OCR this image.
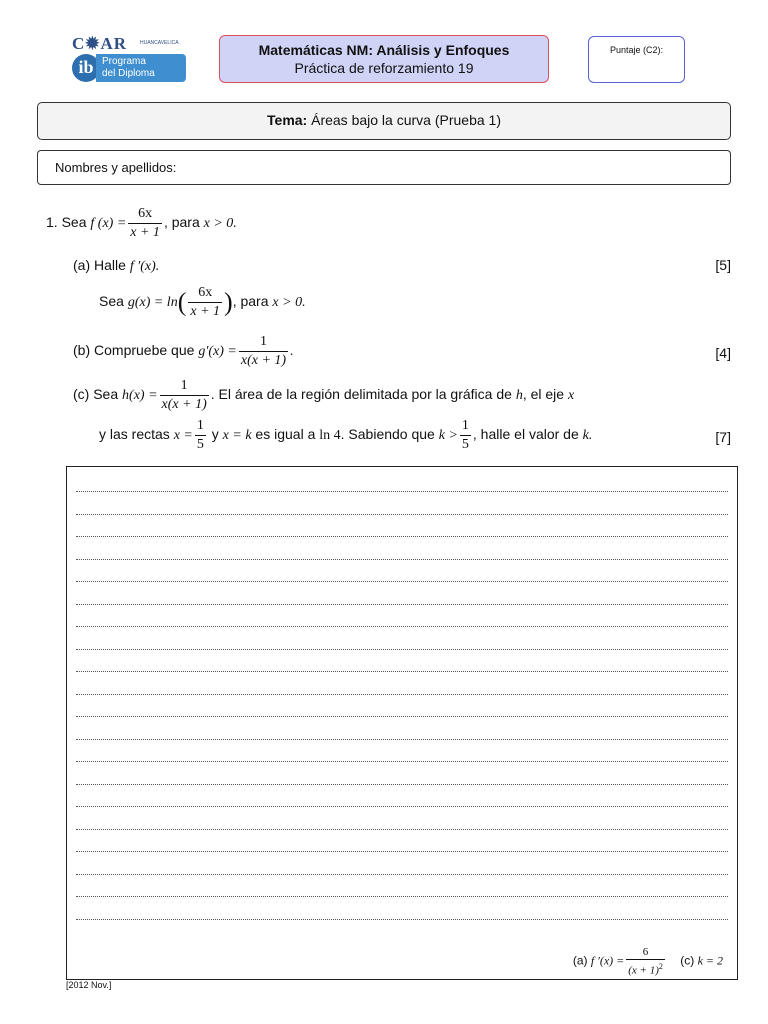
C✹AR	HUANCAVELICA
ib Programa
del Diploma
Matemáticas NM: Análisis y Enfoques
Práctica de reforzamiento 19
Puntaje (C2):
Tema: Áreas bajo la curva (Prueba 1)
Nombres y apellidos:
1. Sea f $(x) = \frac{6x}{x + 1}$ , para x > 0.
(a) Halle f ′(x).	[5]
Sea $g(x) = \ln( \frac{6x}{x + 1}$ ), para x > 0.
(b) Compruebe que $g'(x) = \frac{1}{x(x + 1)}$ .	[4]
(c) Sea $h(x) = \frac{1}{x(x + 1)}$ . El área de la región delimitada por la gráfica de h, el eje x
y las rectas $x = \frac{1}{5}$ y x = k es igual a ln 4. Sabiendo que $k > \frac{1}{5}$ , halle el valor de k.	[7]
(a) f $'(x) = \frac{6}{(x + 1)^2} (c) k = 2$
[2012 Nov.]
